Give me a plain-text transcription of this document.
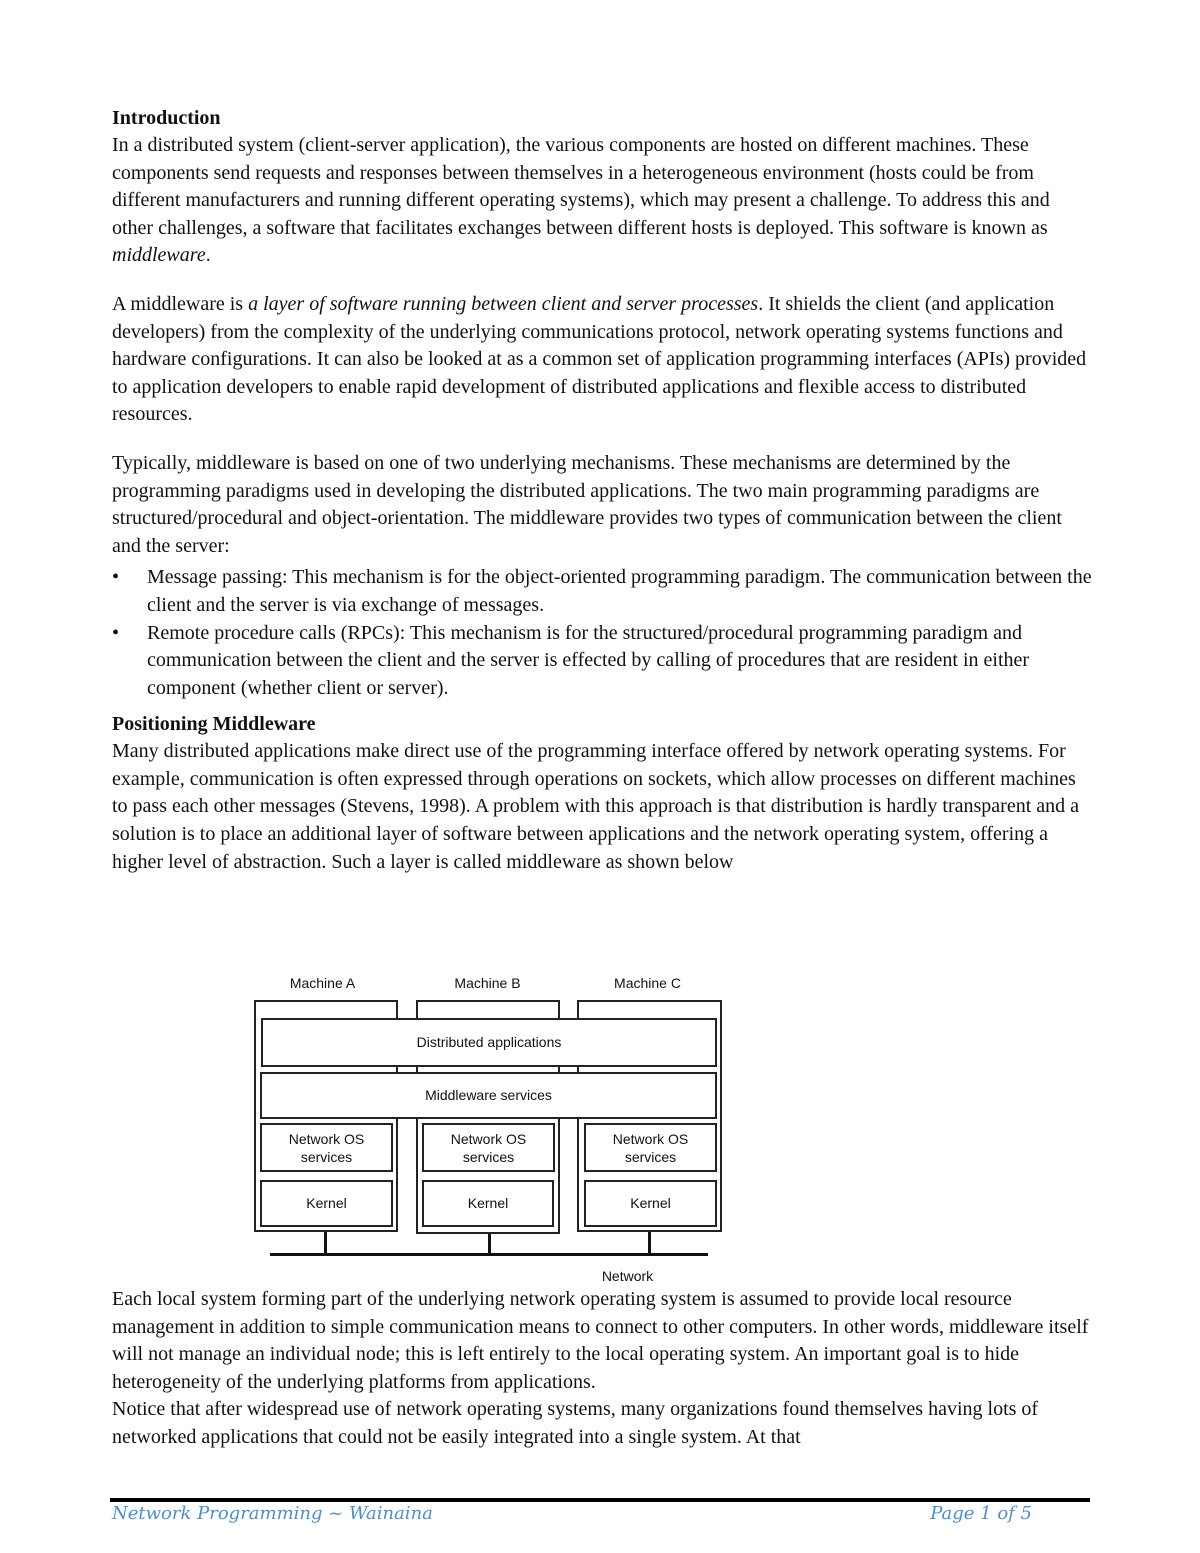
Introduction

In a distributed system (client-server application), the various components are hosted on different machines. These components send requests and responses between themselves in a heterogeneous environment (hosts could be from different manufacturers and running different operating systems), which may present a challenge. To address this and other challenges, a software that facilitates exchanges between different hosts is deployed. This software is known as middleware.

A middleware is a layer of software running between client and server processes. It shields the client (and application developers) from the complexity of the underlying communications protocol, network operating systems functions and hardware configurations. It can also be looked at as a common set of application programming interfaces (APIs) provided to application developers to enable rapid development of distributed applications and flexible access to distributed resources.

Typically, middleware is based on one of two underlying mechanisms. These mechanisms are determined by the programming paradigms used in developing the distributed applications. The two main programming paradigms are structured/procedural and object-orientation. The middleware provides two types of communication between the client and the server:

• Message passing: This mechanism is for the object-oriented programming paradigm. The communication between the client and the server is via exchange of messages.
• Remote procedure calls (RPCs): This mechanism is for the structured/procedural programming paradigm and communication between the client and the server is effected by calling of procedures that are resident in either component (whether client or server).

Positioning Middleware

Many distributed applications make direct use of the programming interface offered by network operating systems. For example, communication is often expressed through operations on sockets, which allow processes on different machines to pass each other messages (Stevens, 1998). A problem with this approach is that distribution is hardly transparent and a solution is to place an additional layer of software between applications and the network operating system, offering a higher level of abstraction. Such a layer is called middleware as shown below

Machine A	Machine B	Machine C
Distributed applications
Middleware services
Network OS
services
Network OS
services
Network OS
services
Kernel	Kernel	Kernel
Network

Each local system forming part of the underlying network operating system is assumed to provide local resource management in addition to simple communication means to connect to other computers. In other words, middleware itself will not manage an individual node; this is left entirely to the local operating system. An important goal is to hide heterogeneity of the underlying platforms from applications.

Notice that after widespread use of network operating systems, many organizations found themselves having lots of networked applications that could not be easily integrated into a single system. At that

Network Programming ~ Wainaina	Page 1 of 5
